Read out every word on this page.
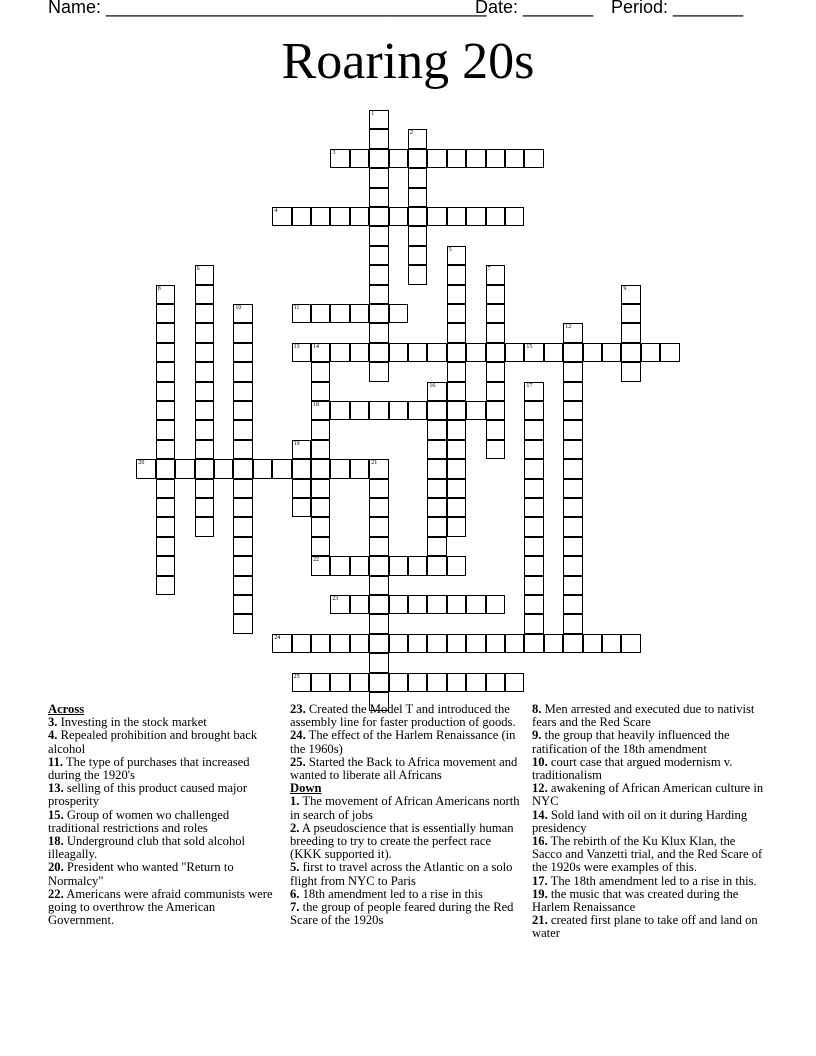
Name: ______________________________________
Date: _______ Period: _______
Roaring 20s
1
2
3
4
5
6	7
8	9
10	11
12
13 14
18
15
16	17
19
20	21
22
23
24
25
Across
3. Investing in the stock market
4. Repealed prohibition and brought back alcohol
11. The type of purchases that increased during the 1920's
13. selling of this product caused major prosperity
15. Group of women wo challenged traditional restrictions and roles
18. Underground club that sold alcohol illeagally.
20. President who wanted "Return to Normalcy"
22. Americans were afraid communists were going to overthrow the American Government.
23. Created the Model T and introduced the assembly line for faster production of goods.
24. The effect of the Harlem Renaissance (in the 1960s)
25. Started the Back to Africa movement and wanted to liberate all Africans
Down
1. The movement of African Americans north in search of jobs
2. A pseudoscience that is essentially human breeding to try to create the perfect race (KKK supported it).
5. first to travel across the Atlantic on a solo flight from NYC to Paris
6. 18th amendment led to a rise in this
7. the group of people feared during the Red Scare of the 1920s
8. Men arrested and executed due to nativist fears and the Red Scare
9. the group that heavily influenced the ratification of the 18th amendment
10. court case that argued modernism v. traditionalism
12. awakening of African American culture in NYC
14. Sold land with oil on it during Harding presidency
16. The rebirth of the Ku Klux Klan, the Sacco and Vanzetti trial, and the Red Scare of the 1920s were examples of this.
17. The 18th amendment led to a rise in this.
19. the music that was created during the Harlem Renaissance
21. created first plane to take off and land on water
